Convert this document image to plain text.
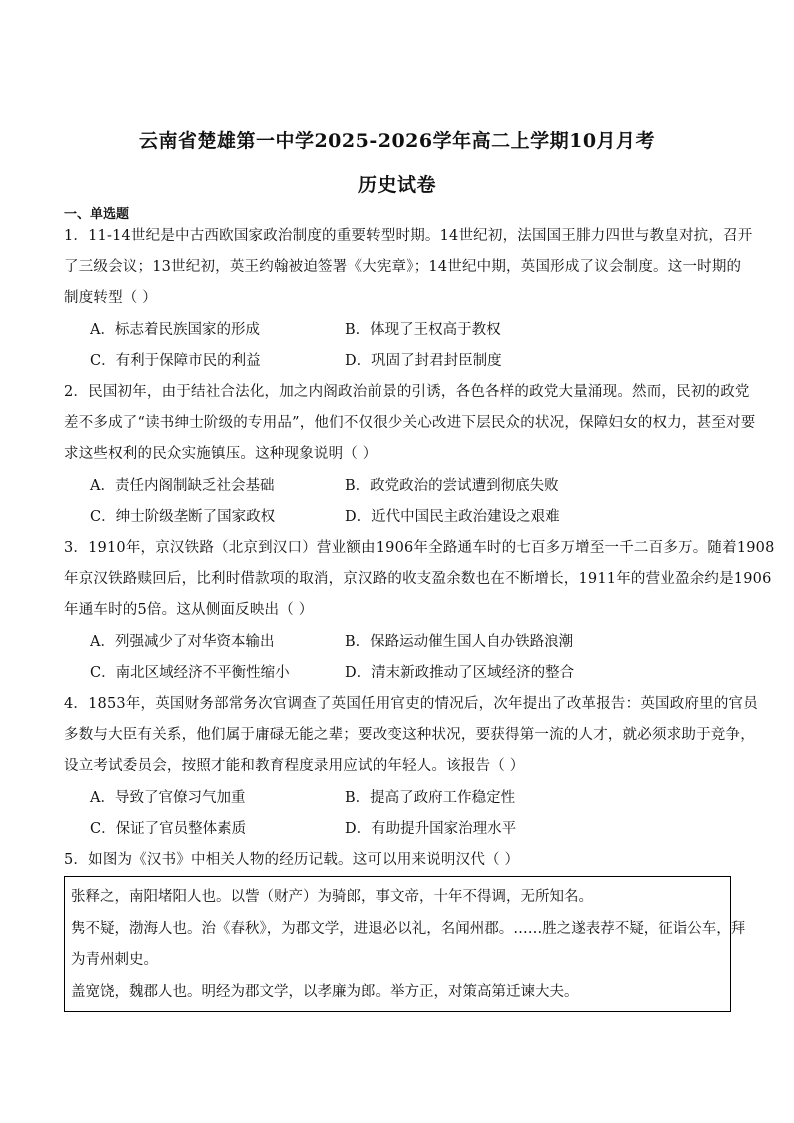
云南省楚雄第一中学2025-2026学年高二上学期10月月考
历史试卷
一、单选题
1．11-14世纪是中古西欧国家政治制度的重要转型时期。14世纪初，法国国王腓力四世与教皇对抗，召开
了三级会议；13世纪初，英王约翰被迫签署《大宪章》；14世纪中期，英国形成了议会制度。这一时期的
制度转型（ ）
A．标志着民族国家的形成	B．体现了王权高于教权
C．有利于保障市民的利益	D．巩固了封君封臣制度
2．民国初年，由于结社合法化，加之内阁政治前景的引诱，各色各样的政党大量涌现。然而，民初的政党
差不多成了“读书绅士阶级的专用品”，他们不仅很少关心改进下层民众的状况，保障妇女的权力，甚至对要
求这些权利的民众实施镇压。这种现象说明（ ）
A．责任内阁制缺乏社会基础	B．政党政治的尝试遭到彻底失败
C．绅士阶级垄断了国家政权	D．近代中国民主政治建设之艰难
3．1910年，京汉铁路（北京到汉口）营业额由1906年全路通车时的七百多万增至一千二百多万。随着1908
年京汉铁路赎回后，比利时借款项的取消，京汉路的收支盈余数也在不断增长，1911年的营业盈余约是1906
年通车时的5倍。这从侧面反映出（ ）
A．列强减少了对华资本输出	B．保路运动催生国人自办铁路浪潮
C．南北区域经济不平衡性缩小	D．清末新政推动了区域经济的整合
4．1853年，英国财务部常务次官调查了英国任用官吏的情况后，次年提出了改革报告：英国政府里的官员
多数与大臣有关系，他们属于庸碌无能之辈；要改变这种状况，要获得第一流的人才，就必须求助于竞争，
设立考试委员会，按照才能和教育程度录用应试的年轻人。该报告（ ）
A．导致了官僚习气加重	B．提高了政府工作稳定性
C．保证了官员整体素质	D．有助提升国家治理水平
5．如图为《汉书》中相关人物的经历记载。这可以用来说明汉代（ ）
张释之，南阳堵阳人也。以訾（财产）为骑郎，事文帝，十年不得调，无所知名。
隽不疑，渤海人也。治《春秋》，为郡文学，进退必以礼，名闻州郡。……胜之遂表荐不疑，征诣公车，拜
为青州刺史。
盖宽饶，魏郡人也。明经为郡文学，以孝廉为郎。举方正，对策高第迁谏大夫。
